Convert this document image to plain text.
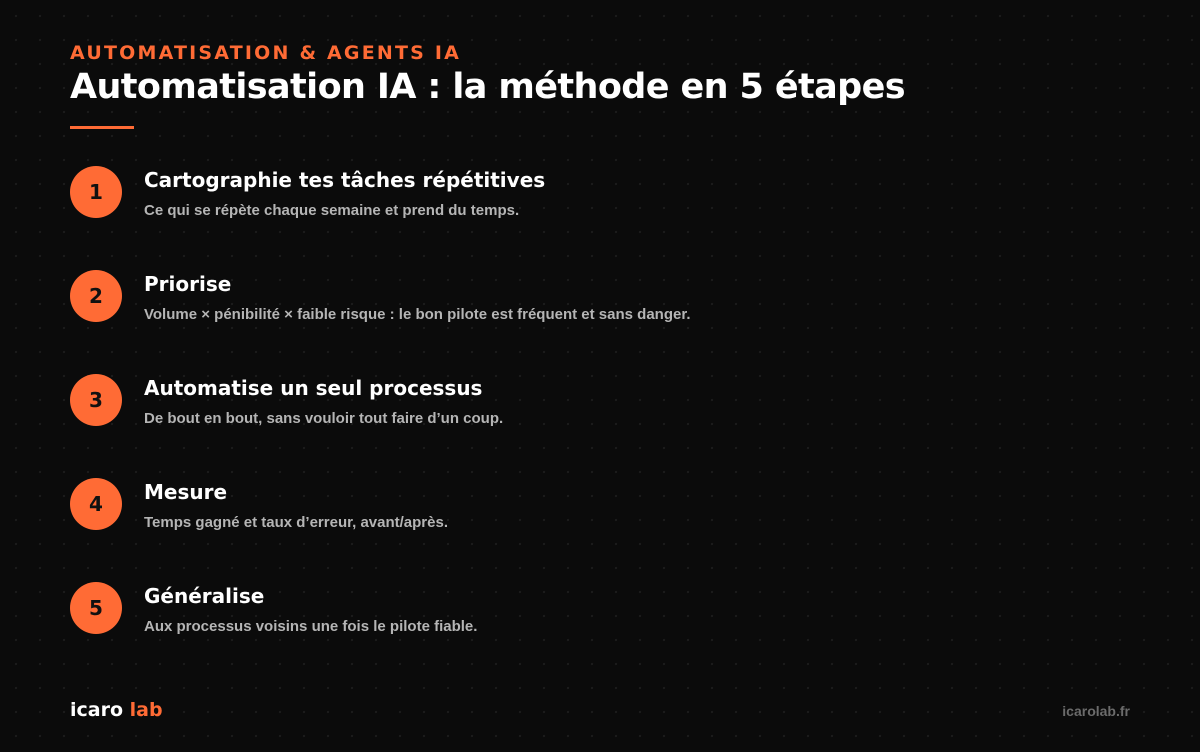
AUTOMATISATION & AGENTS IA
Automatisation IA : la méthode en 5 étapes
1	Cartographie tes tâches répétitives
Ce qui se répète chaque semaine et prend du temps.
2	Priorise
Volume × pénibilité × faible risque : le bon pilote est fréquent et sans danger.
3	Automatise un seul processus
De bout en bout, sans vouloir tout faire d’un coup.
4	Mesure
Temps gagné et taux d’erreur, avant/après.
5	Généralise
Aux processus voisins une fois le pilote fiable.
icaro lab	icarolab.fr
